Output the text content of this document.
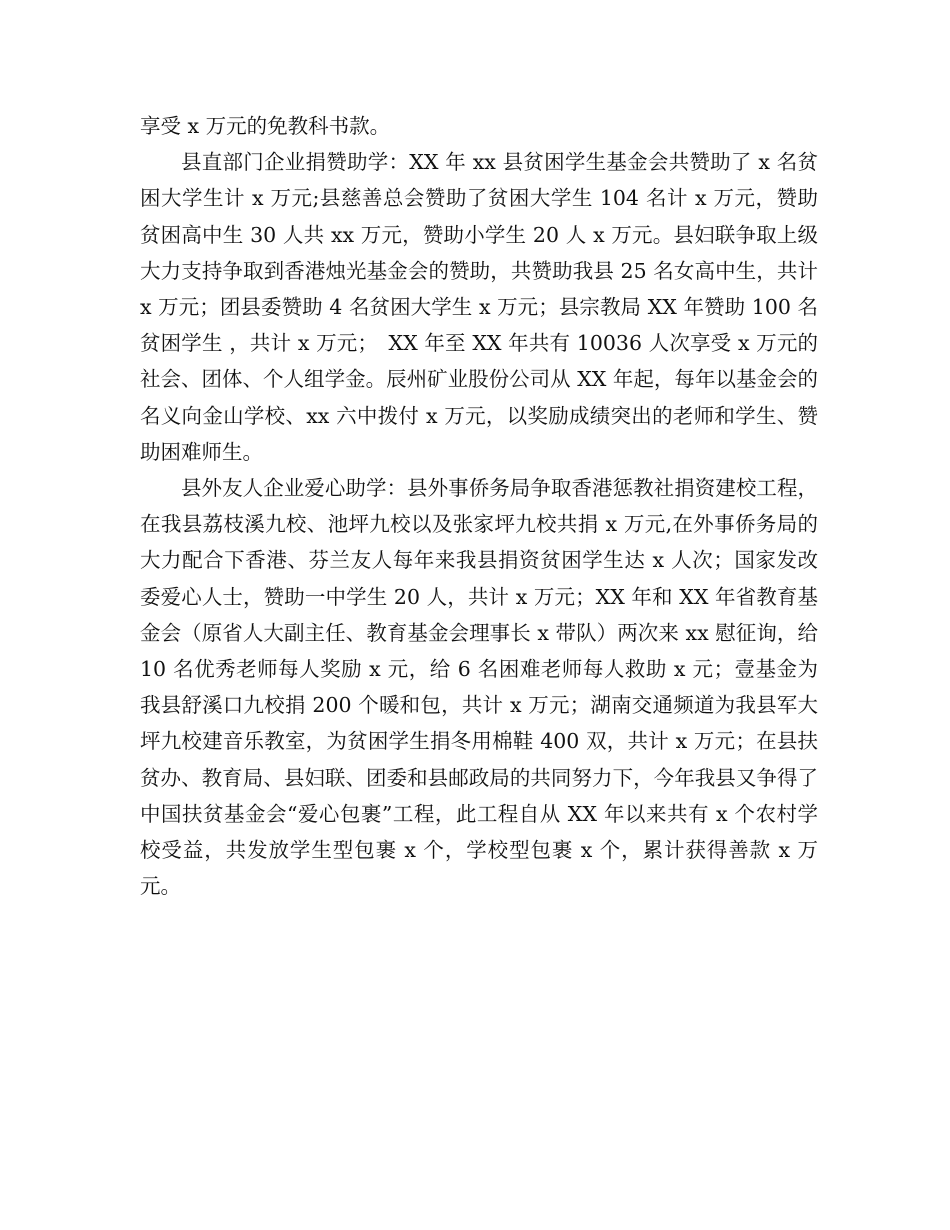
享受 x 万元的免教科书款。

县直部门企业捐赞助学：XX 年 xx 县贫困学生基金会共赞助了 x 名贫困大学生计 x 万元;县慈善总会赞助了贫困大学生 104 名计 x 万元，赞助贫困高中生 30 人共 xx 万元，赞助小学生 20 人 x 万元。县妇联争取上级大力支持争取到香港烛光基金会的赞助，共赞助我县 25 名女高中生，共计 x 万元；团县委赞助 4 名贫困大学生 x 万元；县宗教局 XX 年赞助 100 名贫困学生 ，共计 x 万元；　XX 年至 XX 年共有 10036 人次享受 x 万元的社会、团体、个人组学金。辰州矿业股份公司从 XX 年起，每年以基金会的名义向金山学校、xx 六中拨付 x 万元，以奖励成绩突出的老师和学生、赞助困难师生。

县外友人企业爱心助学：县外事侨务局争取香港惩教社捐资建校工程，在我县荔枝溪九校、池坪九校以及张家坪九校共捐 x 万元,在外事侨务局的大力配合下香港、芬兰友人每年来我县捐资贫困学生达 x 人次；国家发改委爱心人士，赞助一中学生 20 人，共计 x 万元；XX 年和 XX 年省教育基金会（原省人大副主任、教育基金会理事长 x 带队）两次来 xx 慰征询，给 10 名优秀老师每人奖励 x 元，给 6 名困难老师每人救助 x 元；壹基金为我县舒溪口九校捐 200 个暖和包，共计 x 万元；湖南交通频道为我县军大坪九校建音乐教室，为贫困学生捐冬用棉鞋 400 双，共计 x 万元；在县扶贫办、教育局、县妇联、团委和县邮政局的共同努力下，今年我县又争得了中国扶贫基金会“爱心包裹”工程，此工程自从 XX 年以来共有 x 个农村学校受益，共发放学生型包裹 x 个，学校型包裹 x 个，累计获得善款 x 万元。
